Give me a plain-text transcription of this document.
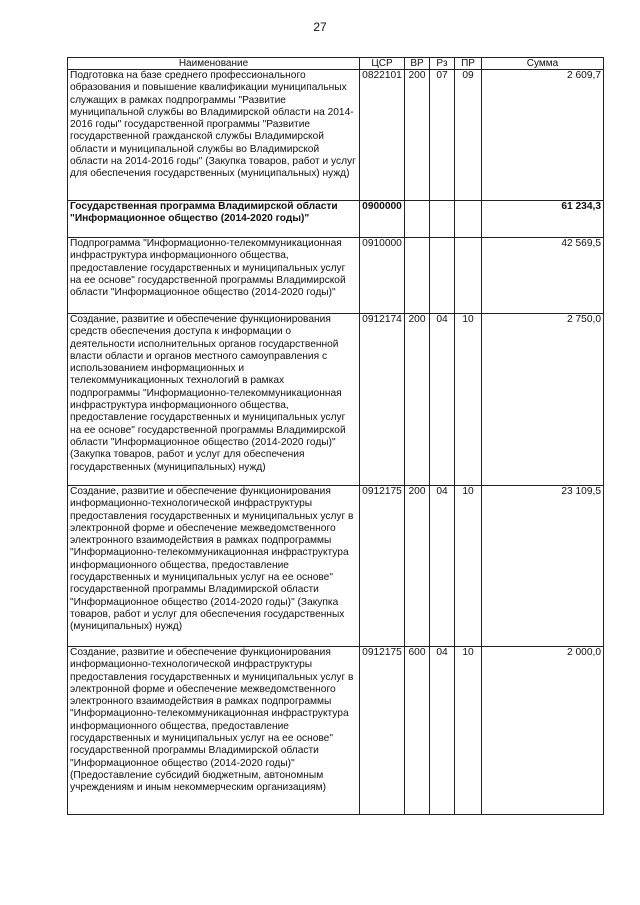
27
Наименование	ЦСР	ВР	Рз	ПР	Сумма
Подготовка на базе среднего профессионального образования и повышение квалификации муниципальных служащих в рамках подпрограммы "Развитие муниципальной службы во Владимирской области на 2014-2016 годы" государственной программы "Развитие государственной гражданской службы Владимирской области и муниципальной службы во Владимирской области на 2014-2016 годы" (Закупка товаров, работ и услуг для обеспечения государственных (муниципальных) нужд)	0822101	200	07	09	2 609,7
Государственная программа Владимирской области "Информационное общество (2014-2020 годы)"	0900000				61 234,3
Подпрограмма "Информационно-телекоммуникационная инфраструктура информационного общества, предоставление государственных и муниципальных услуг на ее основе" государственной программы Владимирской области "Информационное общество (2014-2020 годы)"	0910000				42 569,5
Создание, развитие и обеспечение функционирования средств обеспечения доступа к информации о деятельности исполнительных органов государственной власти области и органов местного самоуправления с использованием информационных и телекоммуникационных технологий в рамках подпрограммы "Информационно-телекоммуникационная инфраструктура информационного общества, предоставление государственных и муниципальных услуг на ее основе" государственной программы Владимирской области "Информационное общество (2014-2020 годы)" (Закупка товаров, работ и услуг для обеспечения государственных (муниципальных) нужд)	0912174	200	04	10	2 750,0
Создание, развитие и обеспечение функционирования информационно-технологической инфраструктуры предоставления государственных и муниципальных услуг в электронной форме и обеспечение межведомственного электронного взаимодействия в рамках подпрограммы "Информационно-телекоммуникационная инфраструктура информационного общества, предоставление государственных и муниципальных услуг на ее основе" государственной программы Владимирской области "Информационное общество (2014-2020 годы)" (Закупка товаров, работ и услуг для обеспечения государственных (муниципальных) нужд)	0912175	200	04	10	23 109,5
Создание, развитие и обеспечение функционирования информационно-технологической инфраструктуры предоставления государственных и муниципальных услуг в электронной форме и обеспечение межведомственного электронного взаимодействия в рамках подпрограммы "Информационно-телекоммуникационная инфраструктура информационного общества, предоставление государственных и муниципальных услуг на ее основе" государственной программы Владимирской области "Информационное общество (2014-2020 годы)" (Предоставление субсидий бюджетным, автономным учреждениям и иным некоммерческим организациям)	0912175	600	04	10	2 000,0
